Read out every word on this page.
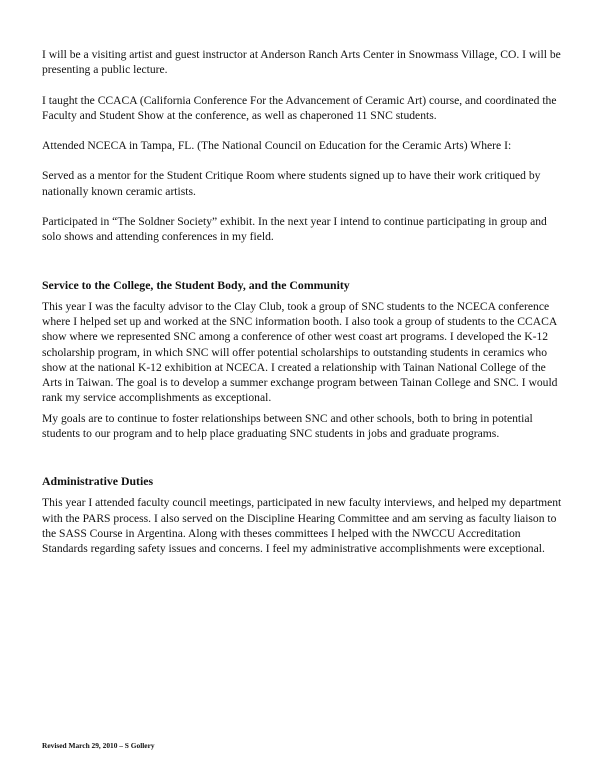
I will be a visiting artist and guest instructor at Anderson Ranch Arts Center in Snowmass Village, CO. I will be presenting a public lecture.

I taught the CCACA (California Conference For the Advancement of Ceramic Art) course, and coordinated the Faculty and Student Show at the conference, as well as chaperoned 11 SNC students.

Attended NCECA in Tampa, FL. (The National Council on Education for the Ceramic Arts) Where I:

Served as a mentor for the Student Critique Room where students signed up to have their work critiqued by nationally known ceramic artists.

Participated in “The Soldner Society” exhibit. In the next year I intend to continue participating in group and solo shows and attending conferences in my field.

Service to the College, the Student Body, and the Community

This year I was the faculty advisor to the Clay Club, took a group of SNC students to the NCECA conference where I helped set up and worked at the SNC information booth. I also took a group of students to the CCACA show where we represented SNC among a conference of other west coast art programs. I developed the K-12 scholarship program, in which SNC will offer potential scholarships to outstanding students in ceramics who show at the national K-12 exhibition at NCECA. I created a relationship with Tainan National College of the Arts in Taiwan. The goal is to develop a summer exchange program between Tainan College and SNC. I would rank my service accomplishments as exceptional.

My goals are to continue to foster relationships between SNC and other schools, both to bring in potential students to our program and to help place graduating SNC students in jobs and graduate programs.

Administrative Duties

This year I attended faculty council meetings, participated in new faculty interviews, and helped my department with the PARS process. I also served on the Discipline Hearing Committee and am serving as faculty liaison to the SASS Course in Argentina. Along with theses committees I helped with the NWCCU Accreditation Standards regarding safety issues and concerns. I feel my administrative accomplishments were exceptional.

Revised March 29, 2010 – S Gollery
